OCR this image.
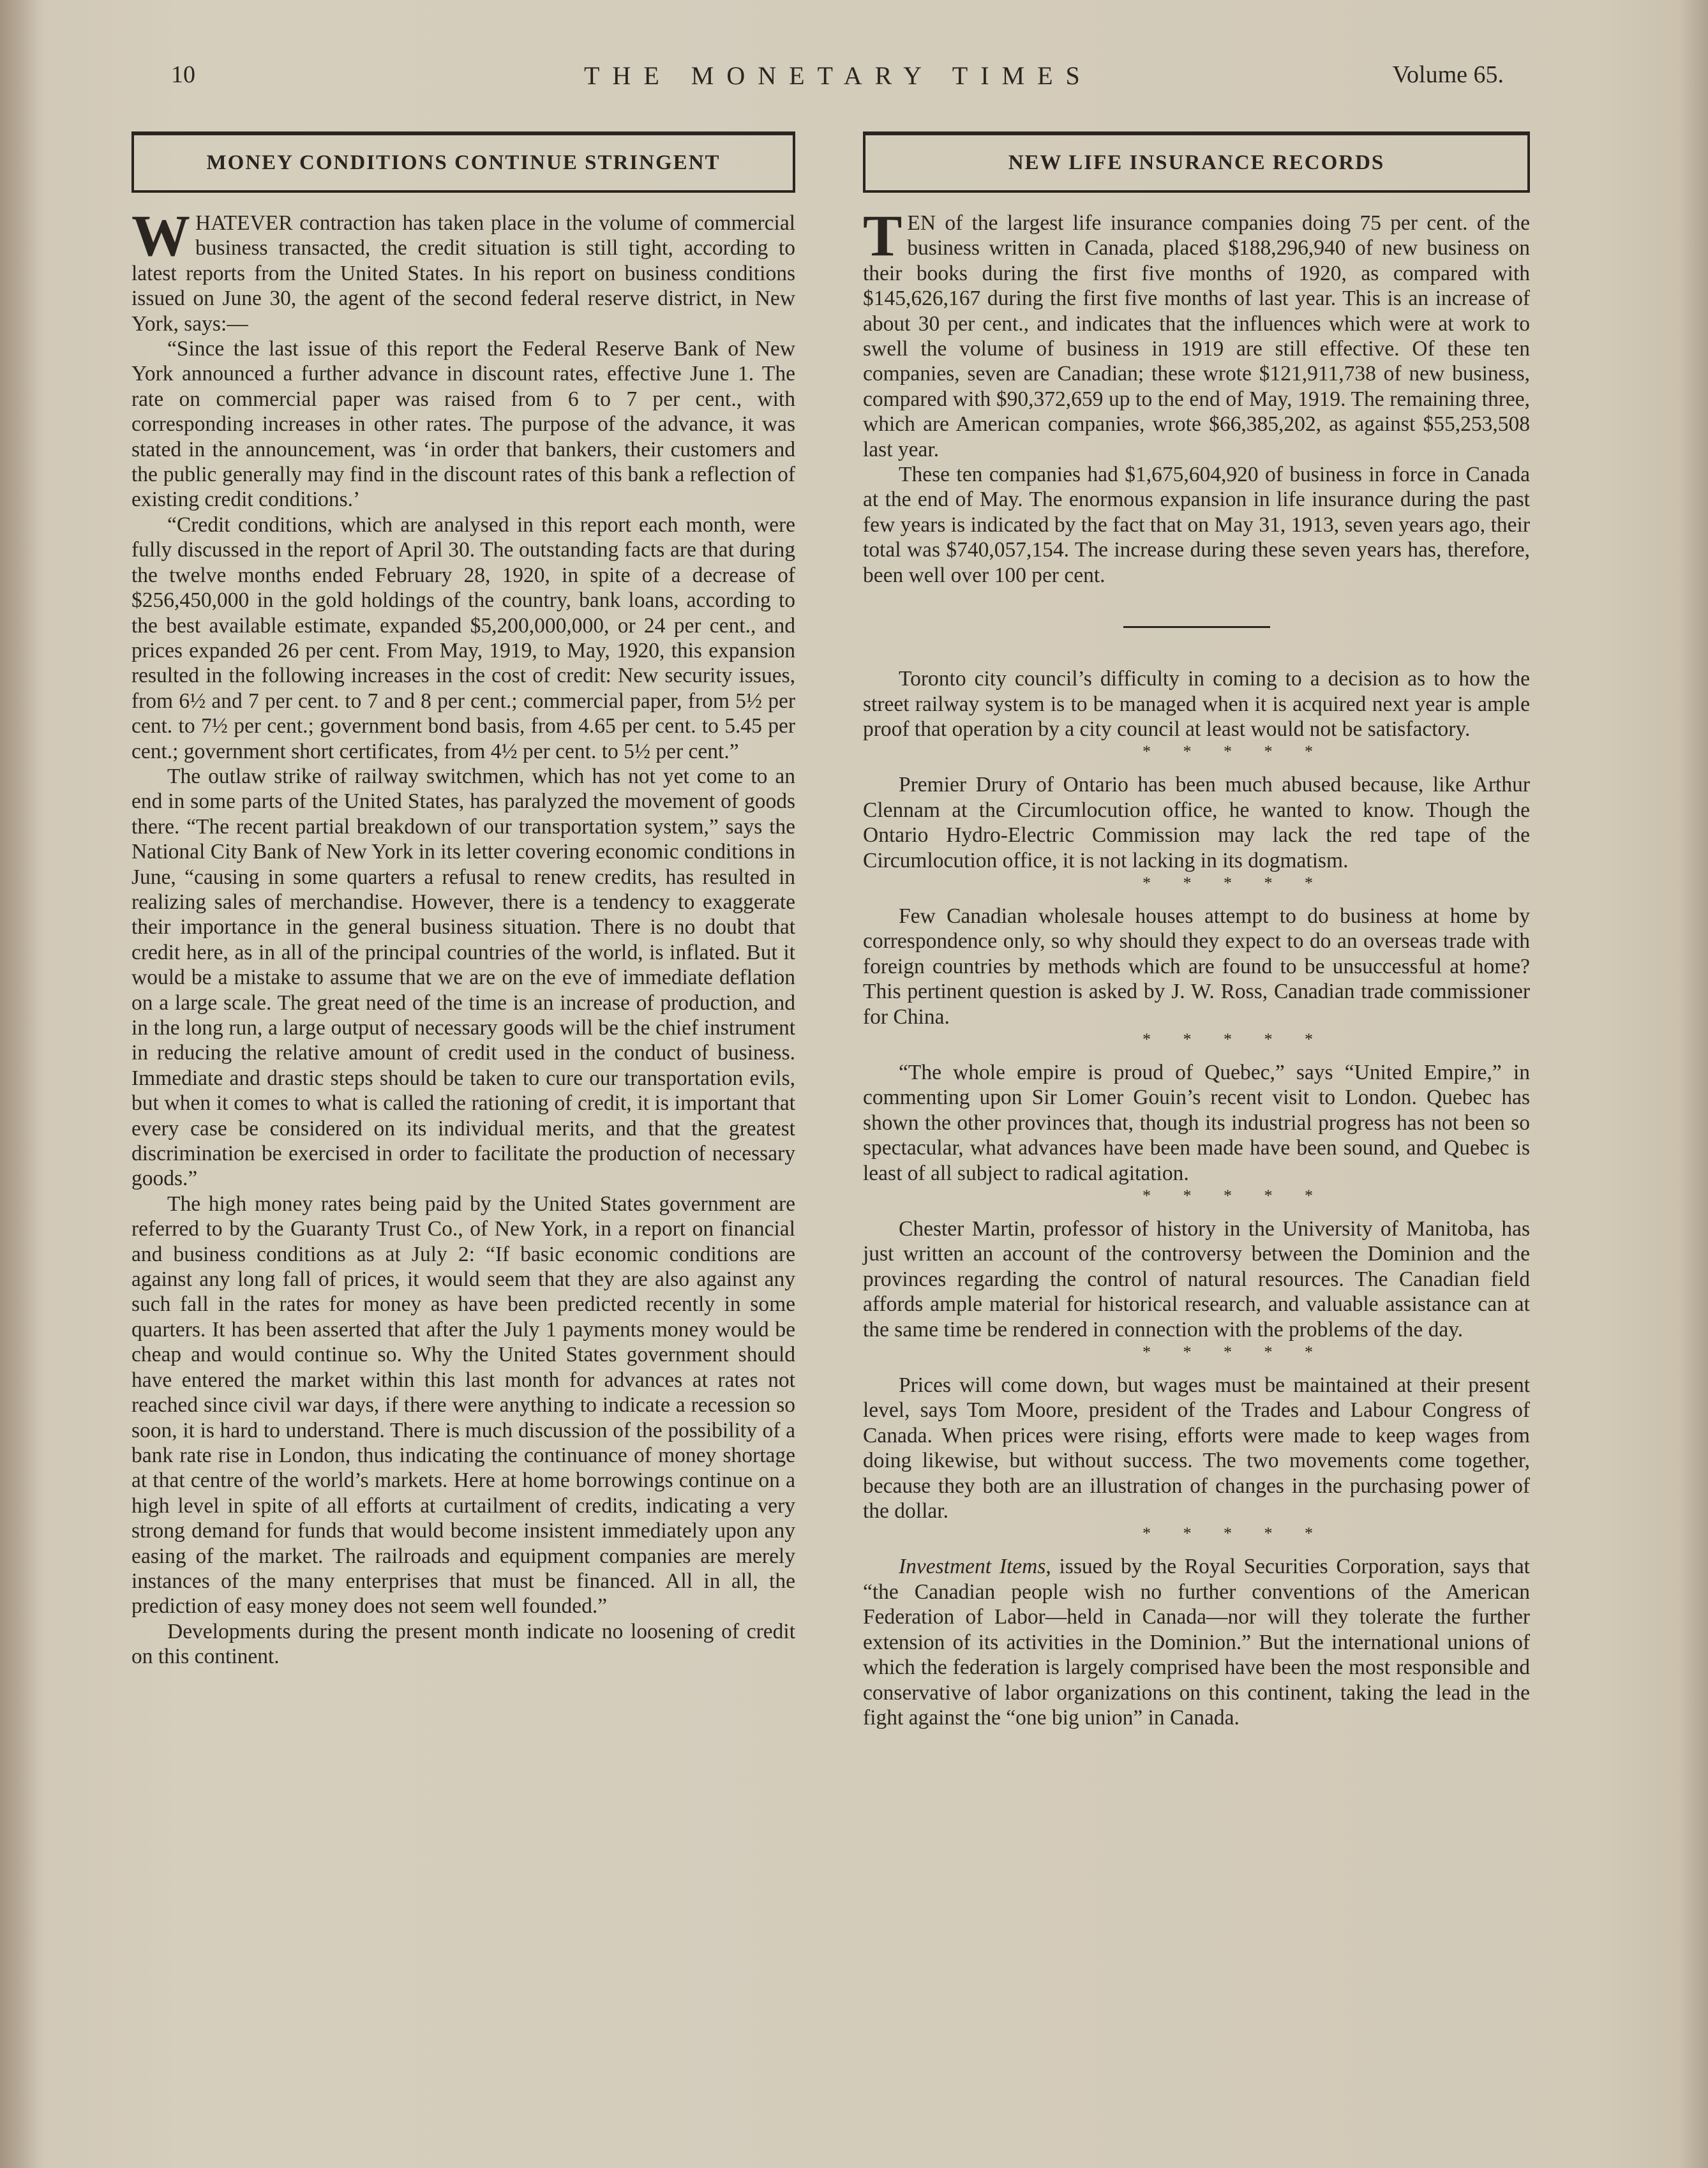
10	THE MONETARY TIMES	Volume 65.
MONEY CONDITIONS CONTINUE STRINGENT

WHATEVER contraction has taken place in the volume of commercial business transacted, the credit situation is still tight, according to latest reports from the United States. In his report on business conditions issued on June 30, the agent of the second federal reserve district, in New York, says:—

“Since the last issue of this report the Federal Reserve Bank of New York announced a further advance in discount rates, effective June 1. The rate on commercial paper was raised from 6 to 7 per cent., with corresponding increases in other rates. The purpose of the advance, it was stated in the announcement, was ‘in order that bankers, their customers and the public generally may find in the discount rates of this bank a reflection of existing credit conditions.’

“Credit conditions, which are analysed in this report each month, were fully discussed in the report of April 30. The outstanding facts are that during the twelve months ended February 28, 1920, in spite of a decrease of $256,450,000 in the gold holdings of the country, bank loans, according to the best available estimate, expanded $5,200,000,000, or 24 per cent., and prices expanded 26 per cent. From May, 1919, to May, 1920, this expansion resulted in the following increases in the cost of credit: New security issues, from 6½ and 7 per cent. to 7 and 8 per cent.; commercial paper, from 5½ per cent. to 7½ per cent.; government bond basis, from 4.65 per cent. to 5.45 per cent.; government short certificates, from 4½ per cent. to 5½ per cent.”

The outlaw strike of railway switchmen, which has not yet come to an end in some parts of the United States, has paralyzed the movement of goods there. “The recent partial breakdown of our transportation system,” says the National City Bank of New York in its letter covering economic conditions in June, “causing in some quarters a refusal to renew credits, has resulted in realizing sales of merchandise. However, there is a tendency to exaggerate their importance in the general business situation. There is no doubt that credit here, as in all of the principal countries of the world, is inflated. But it would be a mistake to assume that we are on the eve of immediate deflation on a large scale. The great need of the time is an increase of production, and in the long run, a large output of necessary goods will be the chief instrument in reducing the relative amount of credit used in the conduct of business. Immediate and drastic steps should be taken to cure our transportation evils, but when it comes to what is called the rationing of credit, it is important that every case be considered on its individual merits, and that the greatest discrimination be exercised in order to facilitate the production of necessary goods.”

The high money rates being paid by the United States government are referred to by the Guaranty Trust Co., of New York, in a report on financial and business conditions as at July 2: “If basic economic conditions are against any long fall of prices, it would seem that they are also against any such fall in the rates for money as have been predicted recently in some quarters. It has been asserted that after the July 1 payments money would be cheap and would continue so. Why the United States government should have entered the market within this last month for advances at rates not reached since civil war days, if there were anything to indicate a recession so soon, it is hard to understand. There is much discussion of the possibility of a bank rate rise in London, thus indicating the continuance of money shortage at that centre of the world’s markets. Here at home borrowings continue on a high level in spite of all efforts at curtailment of credits, indicating a very strong demand for funds that would become insistent immediately upon any easing of the market. The railroads and equipment companies are merely instances of the many enterprises that must be financed. All in all, the prediction of easy money does not seem well founded.”

Developments during the present month indicate no loosening of credit on this continent.

NEW LIFE INSURANCE RECORDS

TEN of the largest life insurance companies doing 75 per cent. of the business written in Canada, placed $188,296,940 of new business on their books during the first five months of 1920, as compared with $145,626,167 during the first five months of last year. This is an increase of about 30 per cent., and indicates that the influences which were at work to swell the volume of business in 1919 are still effective. Of these ten companies, seven are Canadian; these wrote $121,911,738 of new business, compared with $90,372,659 up to the end of May, 1919. The remaining three, which are American companies, wrote $66,385,202, as against $55,253,508 last year.

These ten companies had $1,675,604,920 of business in force in Canada at the end of May. The enormous expansion in life insurance during the past few years is indicated by the fact that on May 31, 1913, seven years ago, their total was $740,057,154. The increase during these seven years has, therefore, been well over 100 per cent.

Toronto city council’s difficulty in coming to a decision as to how the street railway system is to be managed when it is acquired next year is ample proof that operation by a city council at least would not be satisfactory.

* * * * *

Premier Drury of Ontario has been much abused because, like Arthur Clennam at the Circumlocution office, he wanted to know. Though the Ontario Hydro-Electric Commission may lack the red tape of the Circumlocution office, it is not lacking in its dogmatism.

* * * * *

Few Canadian wholesale houses attempt to do business at home by correspondence only, so why should they expect to do an overseas trade with foreign countries by methods which are found to be unsuccessful at home? This pertinent question is asked by J. W. Ross, Canadian trade commissioner for China.

* * * * *

“The whole empire is proud of Quebec,” says “United Empire,” in commenting upon Sir Lomer Gouin’s recent visit to London. Quebec has shown the other provinces that, though its industrial progress has not been so spectacular, what advances have been made have been sound, and Quebec is least of all subject to radical agitation.

* * * * *

Chester Martin, professor of history in the University of Manitoba, has just written an account of the controversy between the Dominion and the provinces regarding the control of natural resources. The Canadian field affords ample material for historical research, and valuable assistance can at the same time be rendered in connection with the problems of the day.

* * * * *

Prices will come down, but wages must be maintained at their present level, says Tom Moore, president of the Trades and Labour Congress of Canada. When prices were rising, efforts were made to keep wages from doing likewise, but without success. The two movements come together, because they both are an illustration of changes in the purchasing power of the dollar.

* * * * *

Investment Items, issued by the Royal Securities Corporation, says that “the Canadian people wish no further conventions of the American Federation of Labor—held in Canada—nor will they tolerate the further extension of its activities in the Dominion.” But the international unions of which the federation is largely comprised have been the most responsible and conservative of labor organizations on this continent, taking the lead in the fight against the “one big union” in Canada.
